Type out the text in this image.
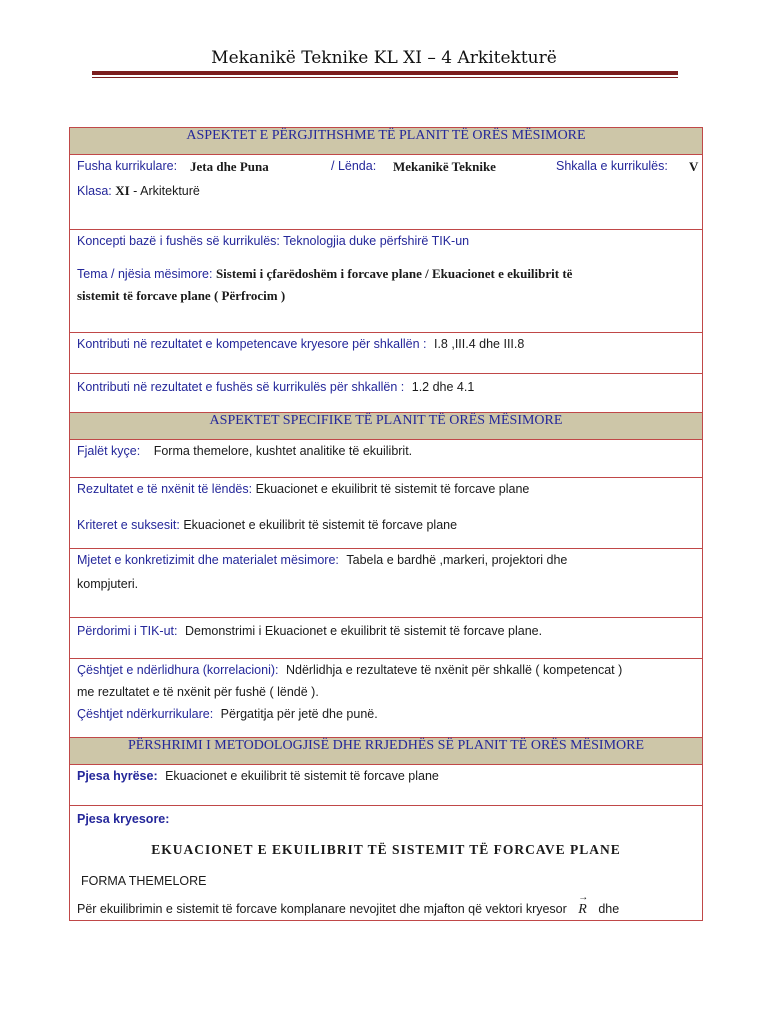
Mekanikë Teknike KL XI – 4 Arkitekturë
ASPEKTET E PËRGJITHSHME TË PLANIT TË ORËS MËSIMORE

Fusha kurrikulare: Jeta dhe Puna	/ Lënda: Mekanikë Teknike	Shkalla e kurrikulës: V
Klasa: XI - Arkitekturë

Koncepti bazë i fushës së kurrikulës: Teknologjia duke përfshirë TIK-un
Tema / njësia mësimore: Sistemi i çfarëdoshëm i forcave plane / Ekuacionet e ekuilibrit të
sistemit të forcave plane ( Përfrocim )

Kontributi në rezultatet e kompetencave kryesore për shkallën : I.8 ,III.4 dhe III.8

Kontributi në rezultatet e fushës së kurrikulës për shkallën : 1.2 dhe 4.1

ASPEKTET SPECIFIKE TË PLANIT TË ORËS MËSIMORE

Fjalët kyçe: Forma themelore, kushtet analitike të ekuilibrit.

Rezultatet e të nxënit të lëndës: Ekuacionet e ekuilibrit të sistemit të forcave plane
Kriteret e suksesit: Ekuacionet e ekuilibrit të sistemit të forcave plane

Mjetet e konkretizimit dhe materialet mësimore: Tabela e bardhë ,markeri, projektori dhe
kompjuteri.

Përdorimi i TIK-ut: Demonstrimi i Ekuacionet e ekuilibrit të sistemit të forcave plane.

Çështjet e ndërlidhura (korrelacioni): Ndërlidhja e rezultateve të nxënit për shkallë ( kompetencat )
me rezultatet e të nxënit për fushë ( lëndë ).
Çështjet ndërkurrikulare: Përgatitja për jetë dhe punë.

PËRSHRIMI I METODOLOGJISË DHE RRJEDHËS SË PLANIT TË ORËS MËSIMORE

Pjesa hyrëse: Ekuacionet e ekuilibrit të sistemit të forcave plane

Pjesa kryesore:
EKUACIONET E EKUILIBRIT TË SISTEMIT TË FORCAVE PLANE
FORMA THEMELORE
Për ekuilibrimin e sistemit të forcave komplanare nevojitet dhe mjafton që vektori kryesor → R dhe
